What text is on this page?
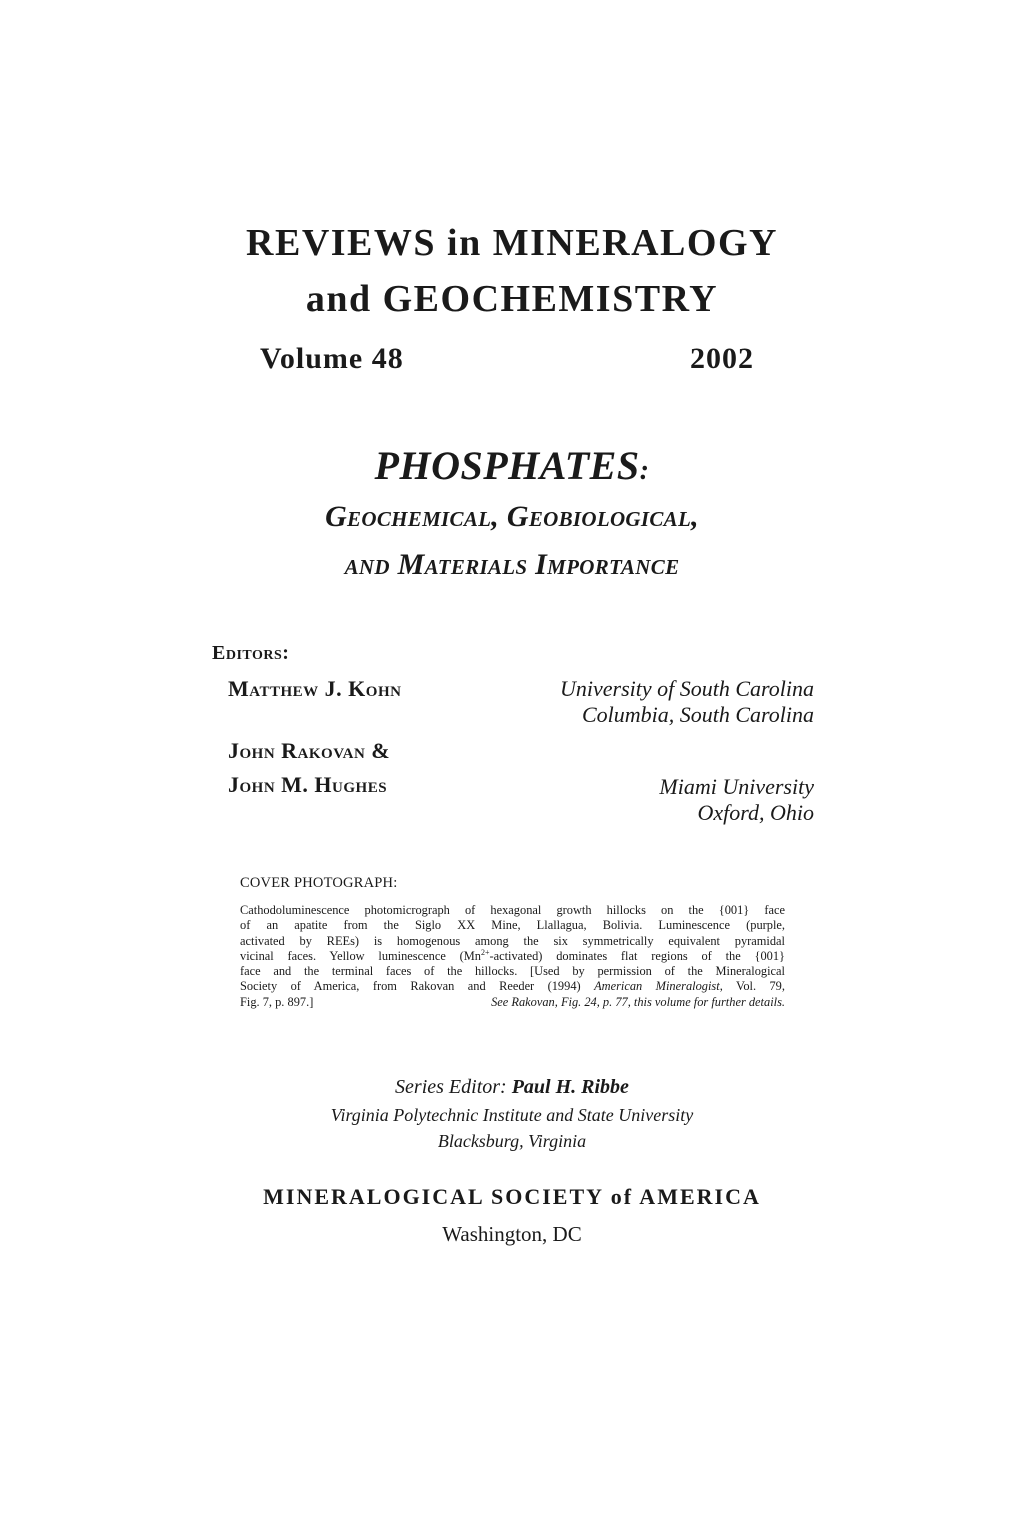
REVIEWS in MINERALOGY
and GEOCHEMISTRY
Volume 48	2002
PHOSPHATES:
Geochemical, Geobiological,
and Materials Importance

Editors:

Matthew J. Kohn

John Rakovan &

John M. Hughes

University of South Carolina
Columbia, South Carolina
Miami University
Oxford, Ohio

COVER PHOTOGRAPH:

Cathodoluminescence photomicrograph of hexagonal growth hillocks on the {001} face
of an apatite from the Siglo XX Mine, Llallagua, Bolivia. Luminescence (purple,
activated by REEs) is homogenous among the six symmetrically equivalent pyramidal
vicinal faces. Yellow luminescence $(Mn^{2+}-activated)$ dominates flat regions of the {001}
face and the terminal faces of the hillocks. [Used by permission of the Mineralogical
Society of America, from Rakovan and Reeder (1994) American Mineralogist, Vol. 79,
Fig. 7, p. 897.]	See Rakovan, Fig. 24, p. 77, this volume for further details.

Series Editor: Paul H. Ribbe

Virginia Polytechnic Institute and State University

Blacksburg, Virginia

MINERALOGICAL SOCIETY of AMERICA

Washington, DC
